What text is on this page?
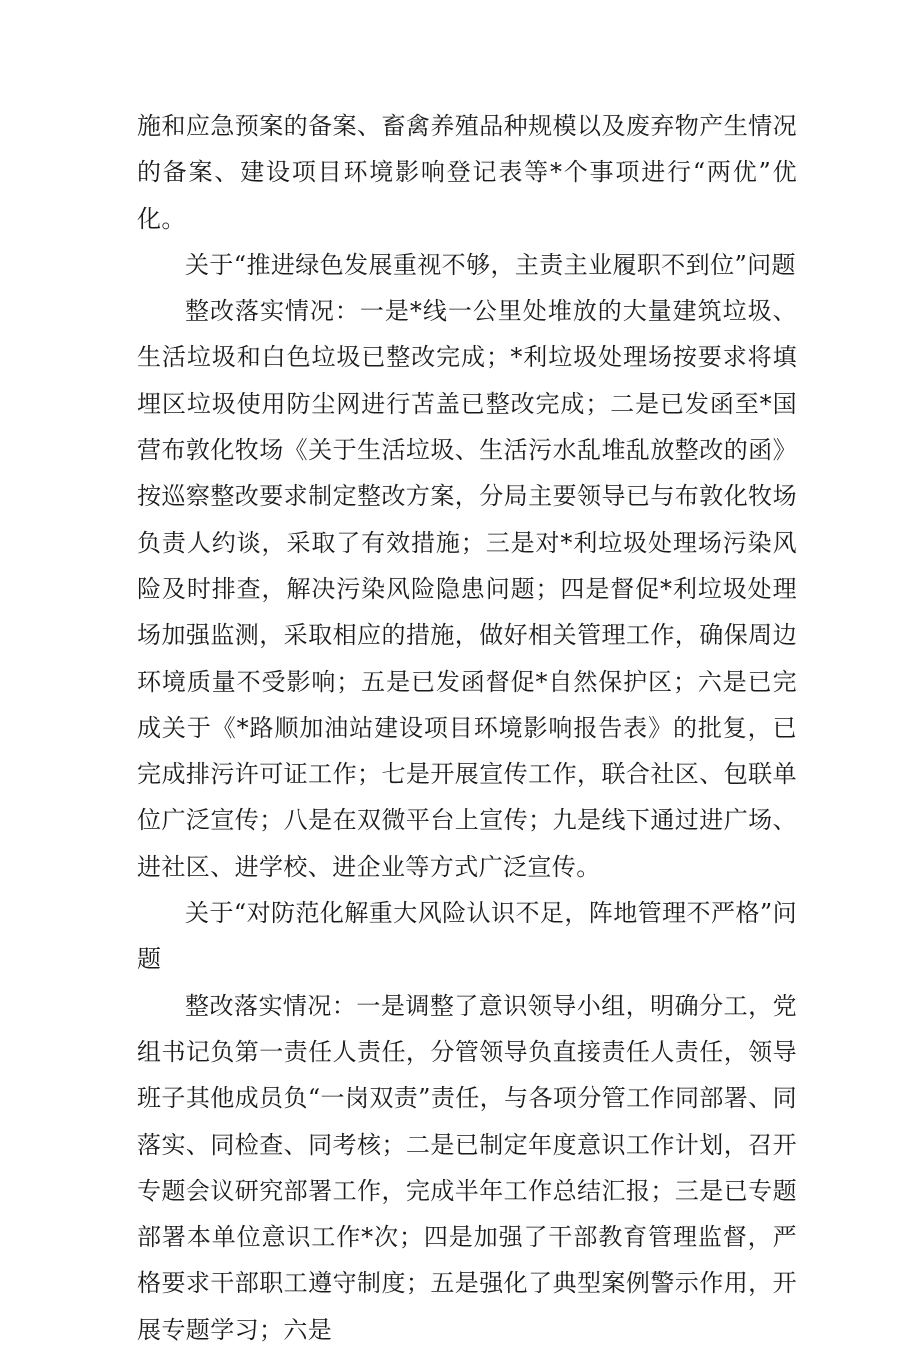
施和应急预案的备案、畜禽养殖品种规模以及废弃物产生情况的备案、建设项目环境影响登记表等*个事项进行“两优”优化。

关于“推进绿色发展重视不够，主责主业履职不到位”问题

整改落实情况：一是*线一公里处堆放的大量建筑垃圾、生活垃圾和白色垃圾已整改完成；*利垃圾处理场按要求将填埋区垃圾使用防尘网进行苫盖已整改完成；二是已发函至*国营布敦化牧场《关于生活垃圾、生活污水乱堆乱放整改的函》按巡察整改要求制定整改方案，分局主要领导已与布敦化牧场负责人约谈，采取了有效措施；三是对*利垃圾处理场污染风险及时排查，解决污染风险隐患问题；四是督促*利垃圾处理场加强监测，采取相应的措施，做好相关管理工作，确保周边环境质量不受影响；五是已发函督促*自然保护区；六是已完成关于《*路顺加油站建设项目环境影响报告表》的批复，已完成排污许可证工作；七是开展宣传工作，联合社区、包联单位广泛宣传；八是在双微平台上宣传；九是线下通过进广场、进社区、进学校、进企业等方式广泛宣传。

关于“对防范化解重大风险认识不足，阵地管理不严格”问题

整改落实情况：一是调整了意识领导小组，明确分工，党组书记负第一责任人责任，分管领导负直接责任人责任，领导班子其他成员负“一岗双责”责任，与各项分管工作同部署、同落实、同检查、同考核；二是已制定年度意识工作计划，召开专题会议研究部署工作，完成半年工作总结汇报；三是已专题部署本单位意识工作*次；四是加强了干部教育管理监督，严格要求干部职工遵守制度；五是强化了典型案例警示作用，开展专题学习；六是
